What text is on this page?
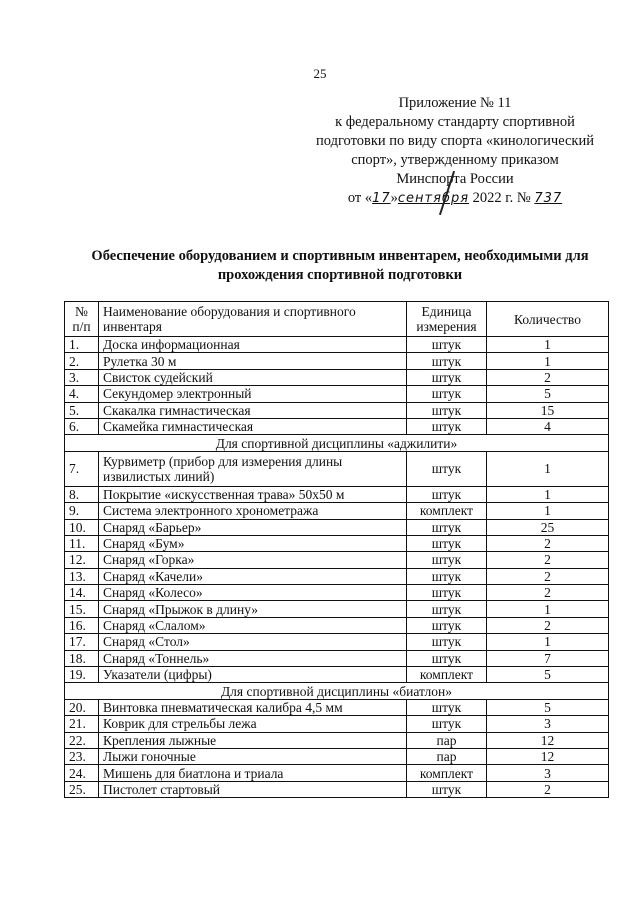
25
Приложение № 11
к федеральному стандарту спортивной
подготовки по виду спорта «кинологический
спорт», утвержденному приказом
Минспорта России
от «17»сентября 2022 г. № 737
Обеспечение оборудованием и спортивным инвентарем, необходимыми для прохождения спортивной подготовки
№ п/п	Наименование оборудования и спортивного инвентаря	Единица измерения	Количество
1.	Доска информационная	штук	1
2.	Рулетка 30 м	штук	1
3.	Свисток судейский	штук	2
4.	Секундомер электронный	штук	5
5.	Скакалка гимнастическая	штук	15
6.	Скамейка гимнастическая	штук	4
Для спортивной дисциплины «аджилити»			
7.	Курвиметр (прибор для измерения длины извилистых линий)	штук	1
8.	Покрытие «искусственная трава» 50х50 м	штук	1
9.	Система электронного хронометража	комплект	1
10.	Снаряд «Барьер»	штук	25
11.	Снаряд «Бум»	штук	2
12.	Снаряд «Горка»	штук	2
13.	Снаряд «Качели»	штук	2
14.	Снаряд «Колесо»	штук	2
15.	Снаряд «Прыжок в длину»	штук	1
16.	Снаряд «Слалом»	штук	2
17.	Снаряд «Стол»	штук	1
18.	Снаряд «Тоннель»	штук	7
19.	Указатели (цифры)	комплект	5
Для спортивной дисциплины «биатлон»			
20.	Винтовка пневматическая калибра 4,5 мм	штук	5
21.	Коврик для стрельбы лежа	штук	3
22.	Крепления лыжные	пар	12
23.	Лыжи гоночные	пар	12
24.	Мишень для биатлона и триала	комплект	3
25.	Пистолет стартовый	штук	2
